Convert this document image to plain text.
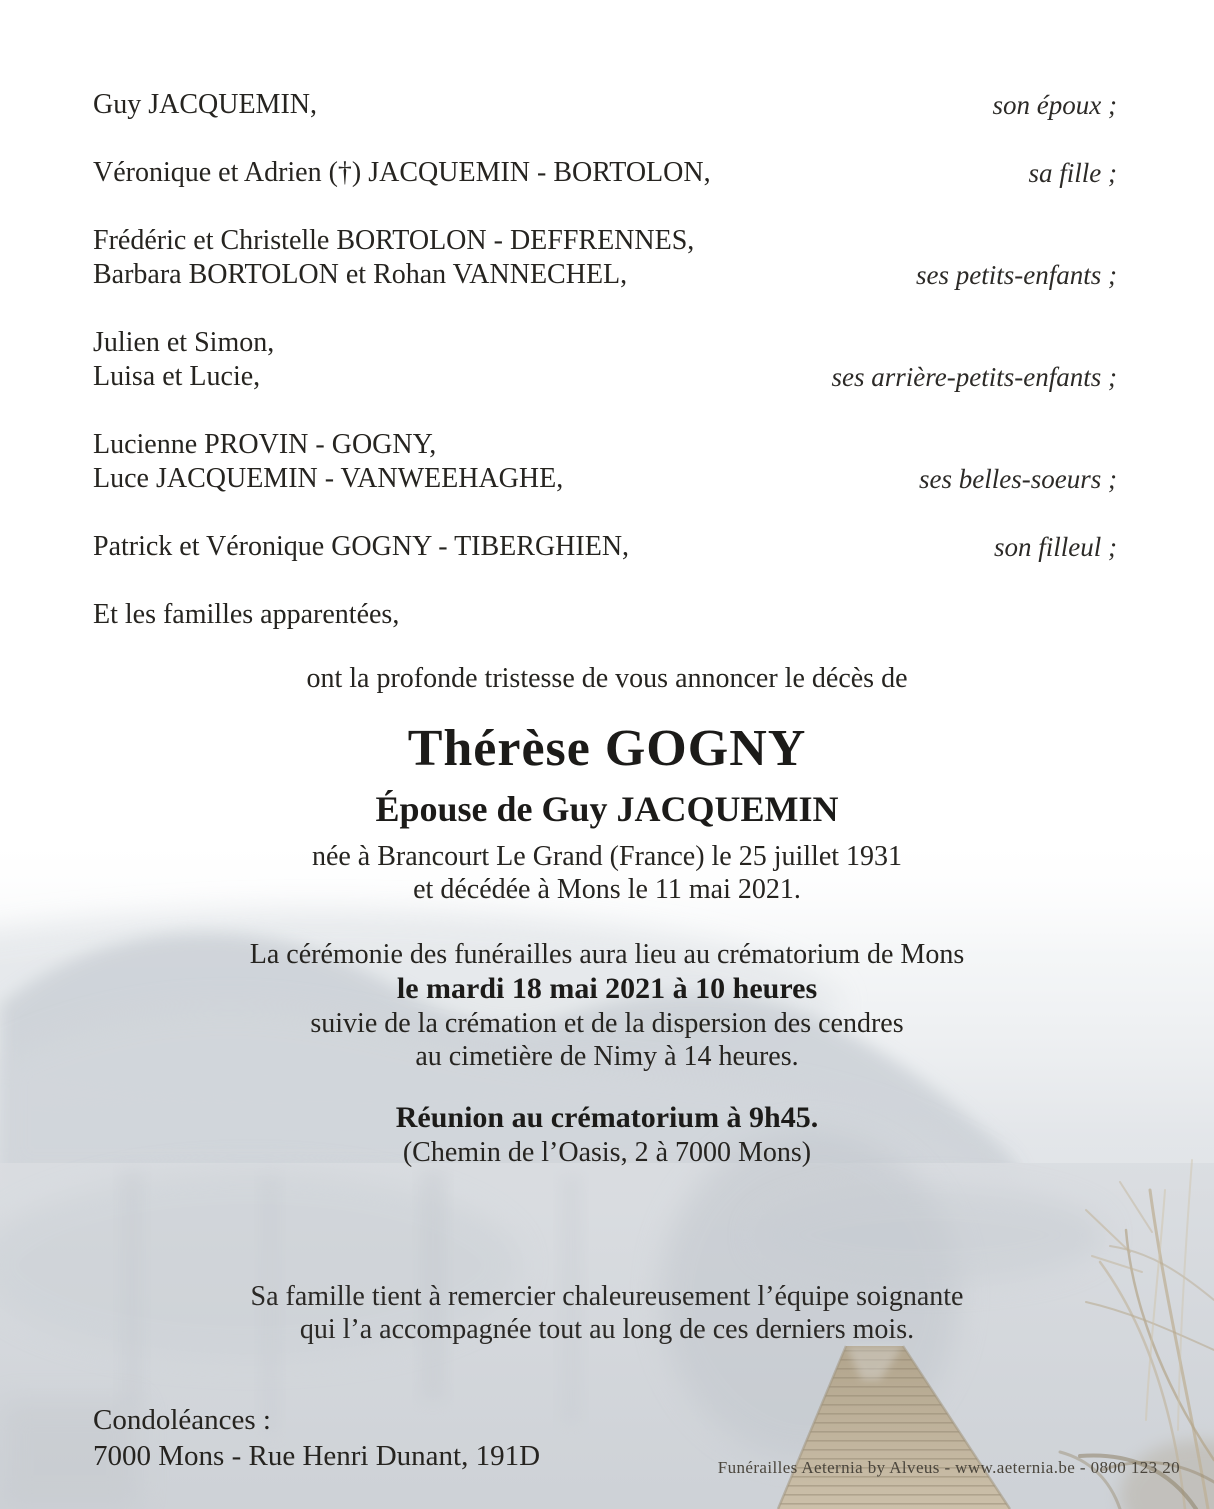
Guy JACQUEMIN,	son époux ;
Véronique et Adrien (†) JACQUEMIN - BORTOLON,	sa fille ;
Frédéric et Christelle BORTOLON - DEFFRENNES,
Barbara BORTOLON et Rohan VANNECHEL,	ses petits-enfants ;
Julien et Simon,
Luisa et Lucie,	ses arrière-petits-enfants ;
Lucienne PROVIN - GOGNY,
Luce JACQUEMIN - VANWEEHAGHE,	ses belles-soeurs ;
Patrick et Véronique GOGNY - TIBERGHIEN,	son filleul ;
Et les familles apparentées,
ont la profonde tristesse de vous annoncer le décès de
Thérèse GOGNY
Épouse de Guy JACQUEMIN
née à Brancourt Le Grand (France) le 25 juillet 1931
et décédée à Mons le 11 mai 2021.
La cérémonie des funérailles aura lieu au crématorium de Mons
le mardi 18 mai 2021 à 10 heures
suivie de la crémation et de la dispersion des cendres
au cimetière de Nimy à 14 heures.
Réunion au crématorium à 9h45.
(Chemin de l’Oasis, 2 à 7000 Mons)
Sa famille tient à remercier chaleureusement l’équipe soignante
qui l’a accompagnée tout au long de ces derniers mois.
Condoléances :
7000 Mons - Rue Henri Dunant, 191D	Funérailles Aeternia by Alveus - www.aeternia.be - 0800 123 20
